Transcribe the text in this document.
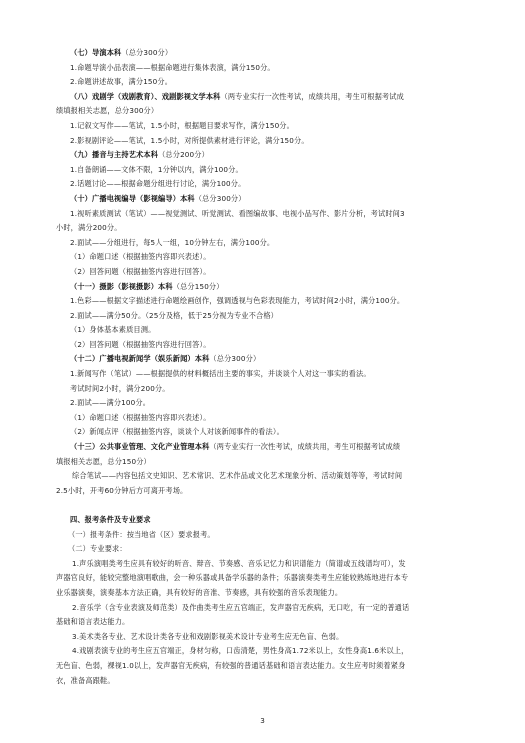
（七）导演本科（总分300分）
1.命题导演小品表演——根据命题进行集体表演，满分150分。
2.命题讲述故事，满分150分。
（八）戏剧学（戏剧教育）、戏剧影视文学本科（两专业实行一次性考试，成绩共用，考生可根据考试成
绩填报相关志愿，总分300分）
1.记叙文写作——笔试，1.5小时，根据题目要求写作，满分150分。
2.影视剧评论——笔试，1.5小时，对所提供素材进行评论，满分150分。
（九）播音与主持艺术本科（总分200分）
1.自备朗诵——文体不限，1分钟以内，满分100分。
2.话题讨论——根据命题分组进行讨论，满分100分。
（十）广播电视编导（影视编导）本科（总分300分）
1.视听素质测试（笔试）——视觉测试、听觉测试、看图编故事、电视小品写作、影片分析，考试时间3
小时，满分200分。
2.面试——分组进行，每5人一组，10分钟左右，满分100分。
（1）命题口述（根据抽签内容即兴表述）。
（2）回答问题（根据抽签内容进行回答）。
（十一）摄影（影视摄影）本科（总分150分）
1.色彩——根据文字描述进行命题绘画创作，强调透视与色彩表现能力，考试时间2小时，满分100分。
2.面试——满分50分。（25分及格，低于25分视为专业不合格）
（1）身体基本素质目测。
（2）回答问题（根据抽签内容进行回答）。
（十二）广播电视新闻学（娱乐新闻）本科（总分300分）
1.新闻写作（笔试）——根据提供的材料概括出主要的事实，并谈谈个人对这一事实的看法。
考试时间2小时，满分200分。
2.面试——满分100分。
（1）命题口述（根据抽签内容即兴表述）。
（2）新闻点评（根据抽签内容，谈谈个人对该新闻事件的看法）。
（十三）公共事业管理、文化产业管理本科（两专业实行一次性考试，成绩共用，考生可根据考试成绩
填报相关志愿，总分150分）
综合笔试——内容包括文史知识、艺术常识、艺术作品或文化艺术现象分析、活动策划等等，考试时间
2.5小时，开考60分钟后方可离开考场。
四、报考条件及专业要求
（一）报考条件：按当地省（区）要求报考。
（二）专业要求：
1.声乐演唱类考生应具有较好的听音、辩音、节奏感、音乐记忆力和识谱能力（简谱或五线谱均可），发
声器官良好，能较完整地演唱歌曲，会一种乐器或具备学乐器的条件；乐器演奏类考生应能较熟练地进行本专
业乐器演奏，演奏基本方法正确，具有较好的音准、节奏感，具有较强的音乐表现能力。
2.音乐学（含专业表演及师范类）及作曲类考生应五官端正，发声器官无疾病，无口吃，有一定的普通话
基础和语言表达能力。
3.美术类各专业、艺术设计类各专业和戏剧影视美术设计专业考生应无色盲、色弱。
4.戏剧表演专业的考生应五官端正，身材匀称，口齿清楚，男性身高1.72米以上，女性身高1.6米以上，
无色盲、色弱，裸视1.0以上，发声器官无疾病，有较强的普通话基础和语言表达能力。女生应考时须着紧身
衣，准备高跟鞋。
3
